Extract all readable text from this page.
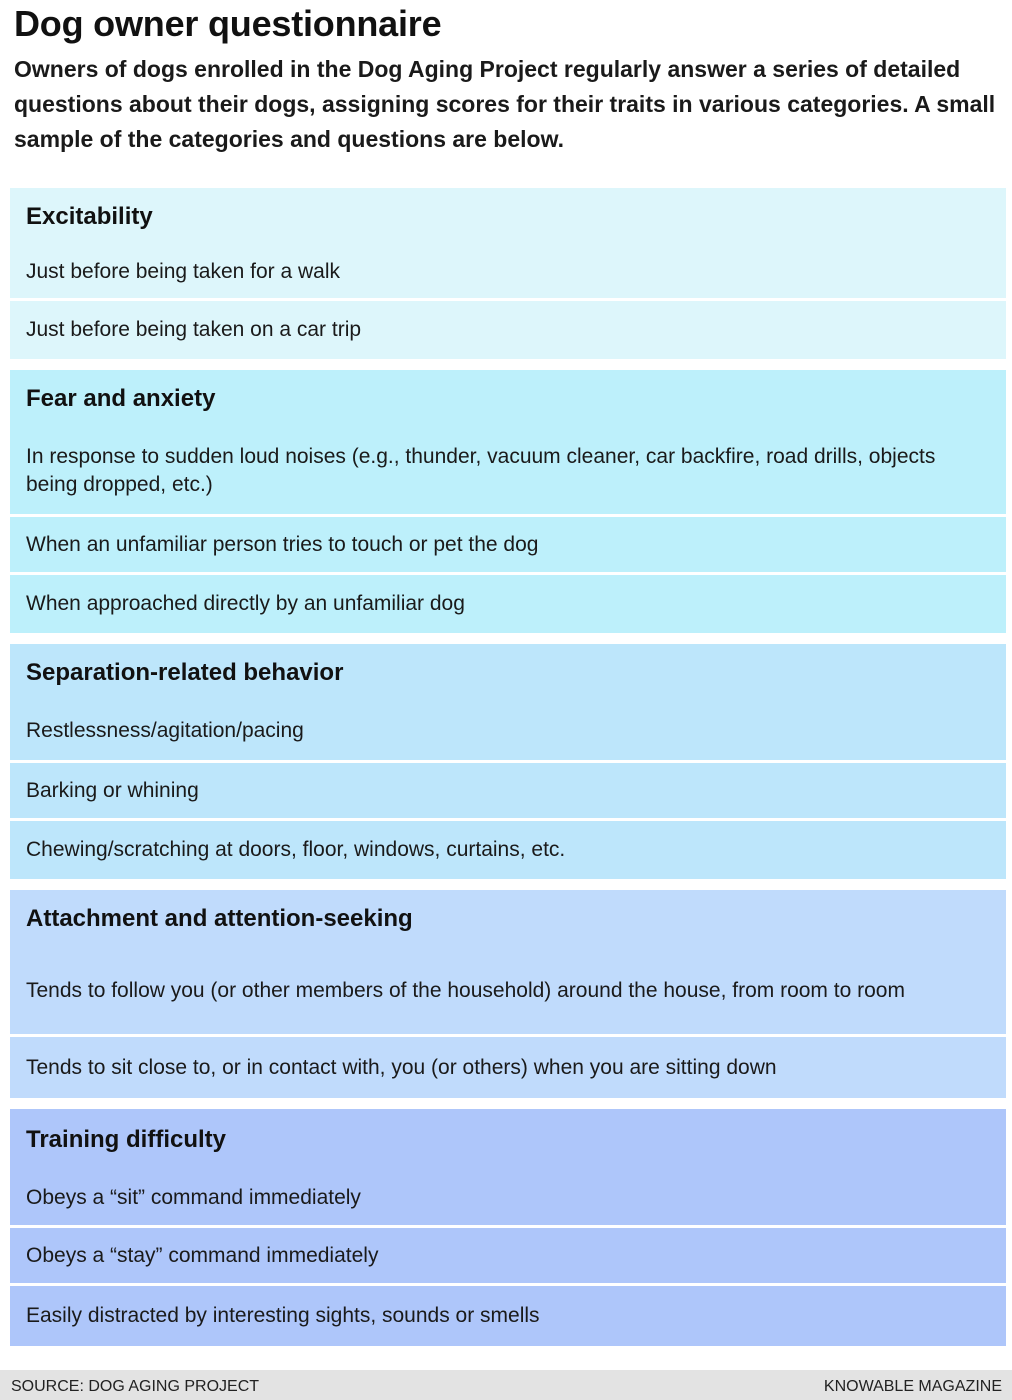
Dog owner questionnaire

Owners of dogs enrolled in the Dog Aging Project regularly answer a series of detailed questions about their dogs, assigning scores for their traits in various categories. A small sample of the categories and questions are below.

Excitability
Just before being taken for a walk
Just before being taken on a car trip
Fear and anxiety
In response to sudden loud noises (e.g., thunder, vacuum cleaner, car backfire, road drills, objects being dropped, etc.)
When an unfamiliar person tries to touch or pet the dog
When approached directly by an unfamiliar dog
Separation-related behavior
Restlessness/agitation/pacing
Barking or whining
Chewing/scratching at doors, floor, windows, curtains, etc.
Attachment and attention-seeking
Tends to follow you (or other members of the household) around the house, from room to room
Tends to sit close to, or in contact with, you (or others) when you are sitting down
Training difficulty
Obeys a “sit” command immediately
Obeys a “stay” command immediately
Easily distracted by interesting sights, sounds or smells
SOURCE: DOG AGING PROJECT	KNOWABLE MAGAZINE
